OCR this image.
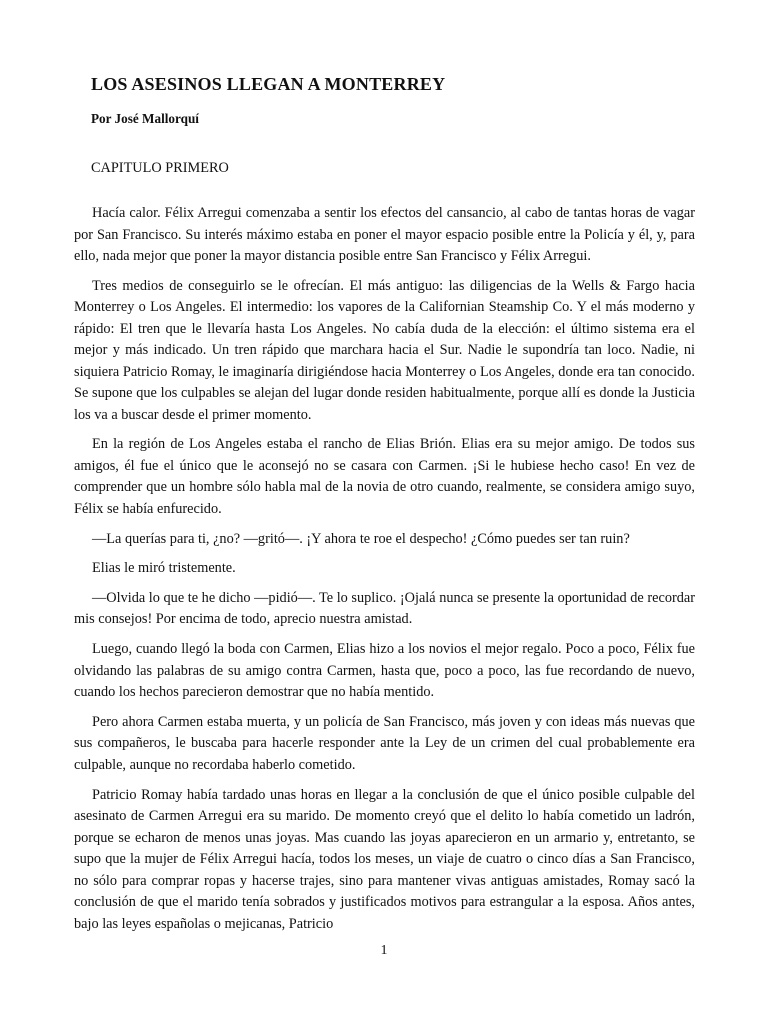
LOS ASESINOS LLEGAN A MONTERREY
Por José Mallorquí
CAPITULO PRIMERO

Hacía calor. Félix Arregui comenzaba a sentir los efectos del cansancio, al cabo de tantas horas de vagar por San Francisco. Su interés máximo estaba en poner el mayor espacio posible entre la Policía y él, y, para ello, nada mejor que poner la mayor distancia posible entre San Francisco y Félix Arregui.

Tres medios de conseguirlo se le ofrecían. El más antiguo: las diligencias de la Wells & Fargo hacia Monterrey o Los Angeles. El intermedio: los vapores de la Californian Steamship Co. Y el más moderno y rápido: El tren que le llevaría hasta Los Angeles. No cabía duda de la elección: el último sistema era el mejor y más indicado. Un tren rápido que marchara hacia el Sur. Nadie le supondría tan loco. Nadie, ni siquiera Patricio Romay, le imaginaría dirigiéndose hacia Monterrey o Los Angeles, donde era tan conocido. Se supone que los culpables se alejan del lugar donde residen habitualmente, porque allí es donde la Justicia los va a buscar desde el primer momento.

En la región de Los Angeles estaba el rancho de Elias Brión. Elias era su mejor amigo. De todos sus amigos, él fue el único que le aconsejó no se casara con Carmen. ¡Si le hubiese hecho caso! En vez de comprender que un hombre sólo habla mal de la novia de otro cuando, realmente, se considera amigo suyo, Félix se había enfurecido.

—La querías para ti, ¿no? —gritó—. ¡Y ahora te roe el despecho! ¿Cómo puedes ser tan ruin?

Elias le miró tristemente.

—Olvida lo que te he dicho —pidió—. Te lo suplico. ¡Ojalá nunca se presente la oportunidad de recordar mis consejos! Por encima de todo, aprecio nuestra amistad.

Luego, cuando llegó la boda con Carmen, Elias hizo a los novios el mejor regalo. Poco a poco, Félix fue olvidando las palabras de su amigo contra Carmen, hasta que, poco a poco, las fue recordando de nuevo, cuando los hechos parecieron demostrar que no había mentido.

Pero ahora Carmen estaba muerta, y un policía de San Francisco, más joven y con ideas más nuevas que sus compañeros, le buscaba para hacerle responder ante la Ley de un crimen del cual probablemente era culpable, aunque no recordaba haberlo cometido.

Patricio Romay había tardado unas horas en llegar a la conclusión de que el único posible culpable del asesinato de Carmen Arregui era su marido. De momento creyó que el delito lo había cometido un ladrón, porque se echaron de menos unas joyas. Mas cuando las joyas aparecieron en un armario y, entretanto, se supo que la mujer de Félix Arregui hacía, todos los meses, un viaje de cuatro o cinco días a San Francisco, no sólo para comprar ropas y hacerse trajes, sino para mantener vivas antiguas amistades, Romay sacó la conclusión de que el marido tenía sobrados y justificados motivos para estrangular a la esposa. Años antes, bajo las leyes españolas o mejicanas, Patricio

1
